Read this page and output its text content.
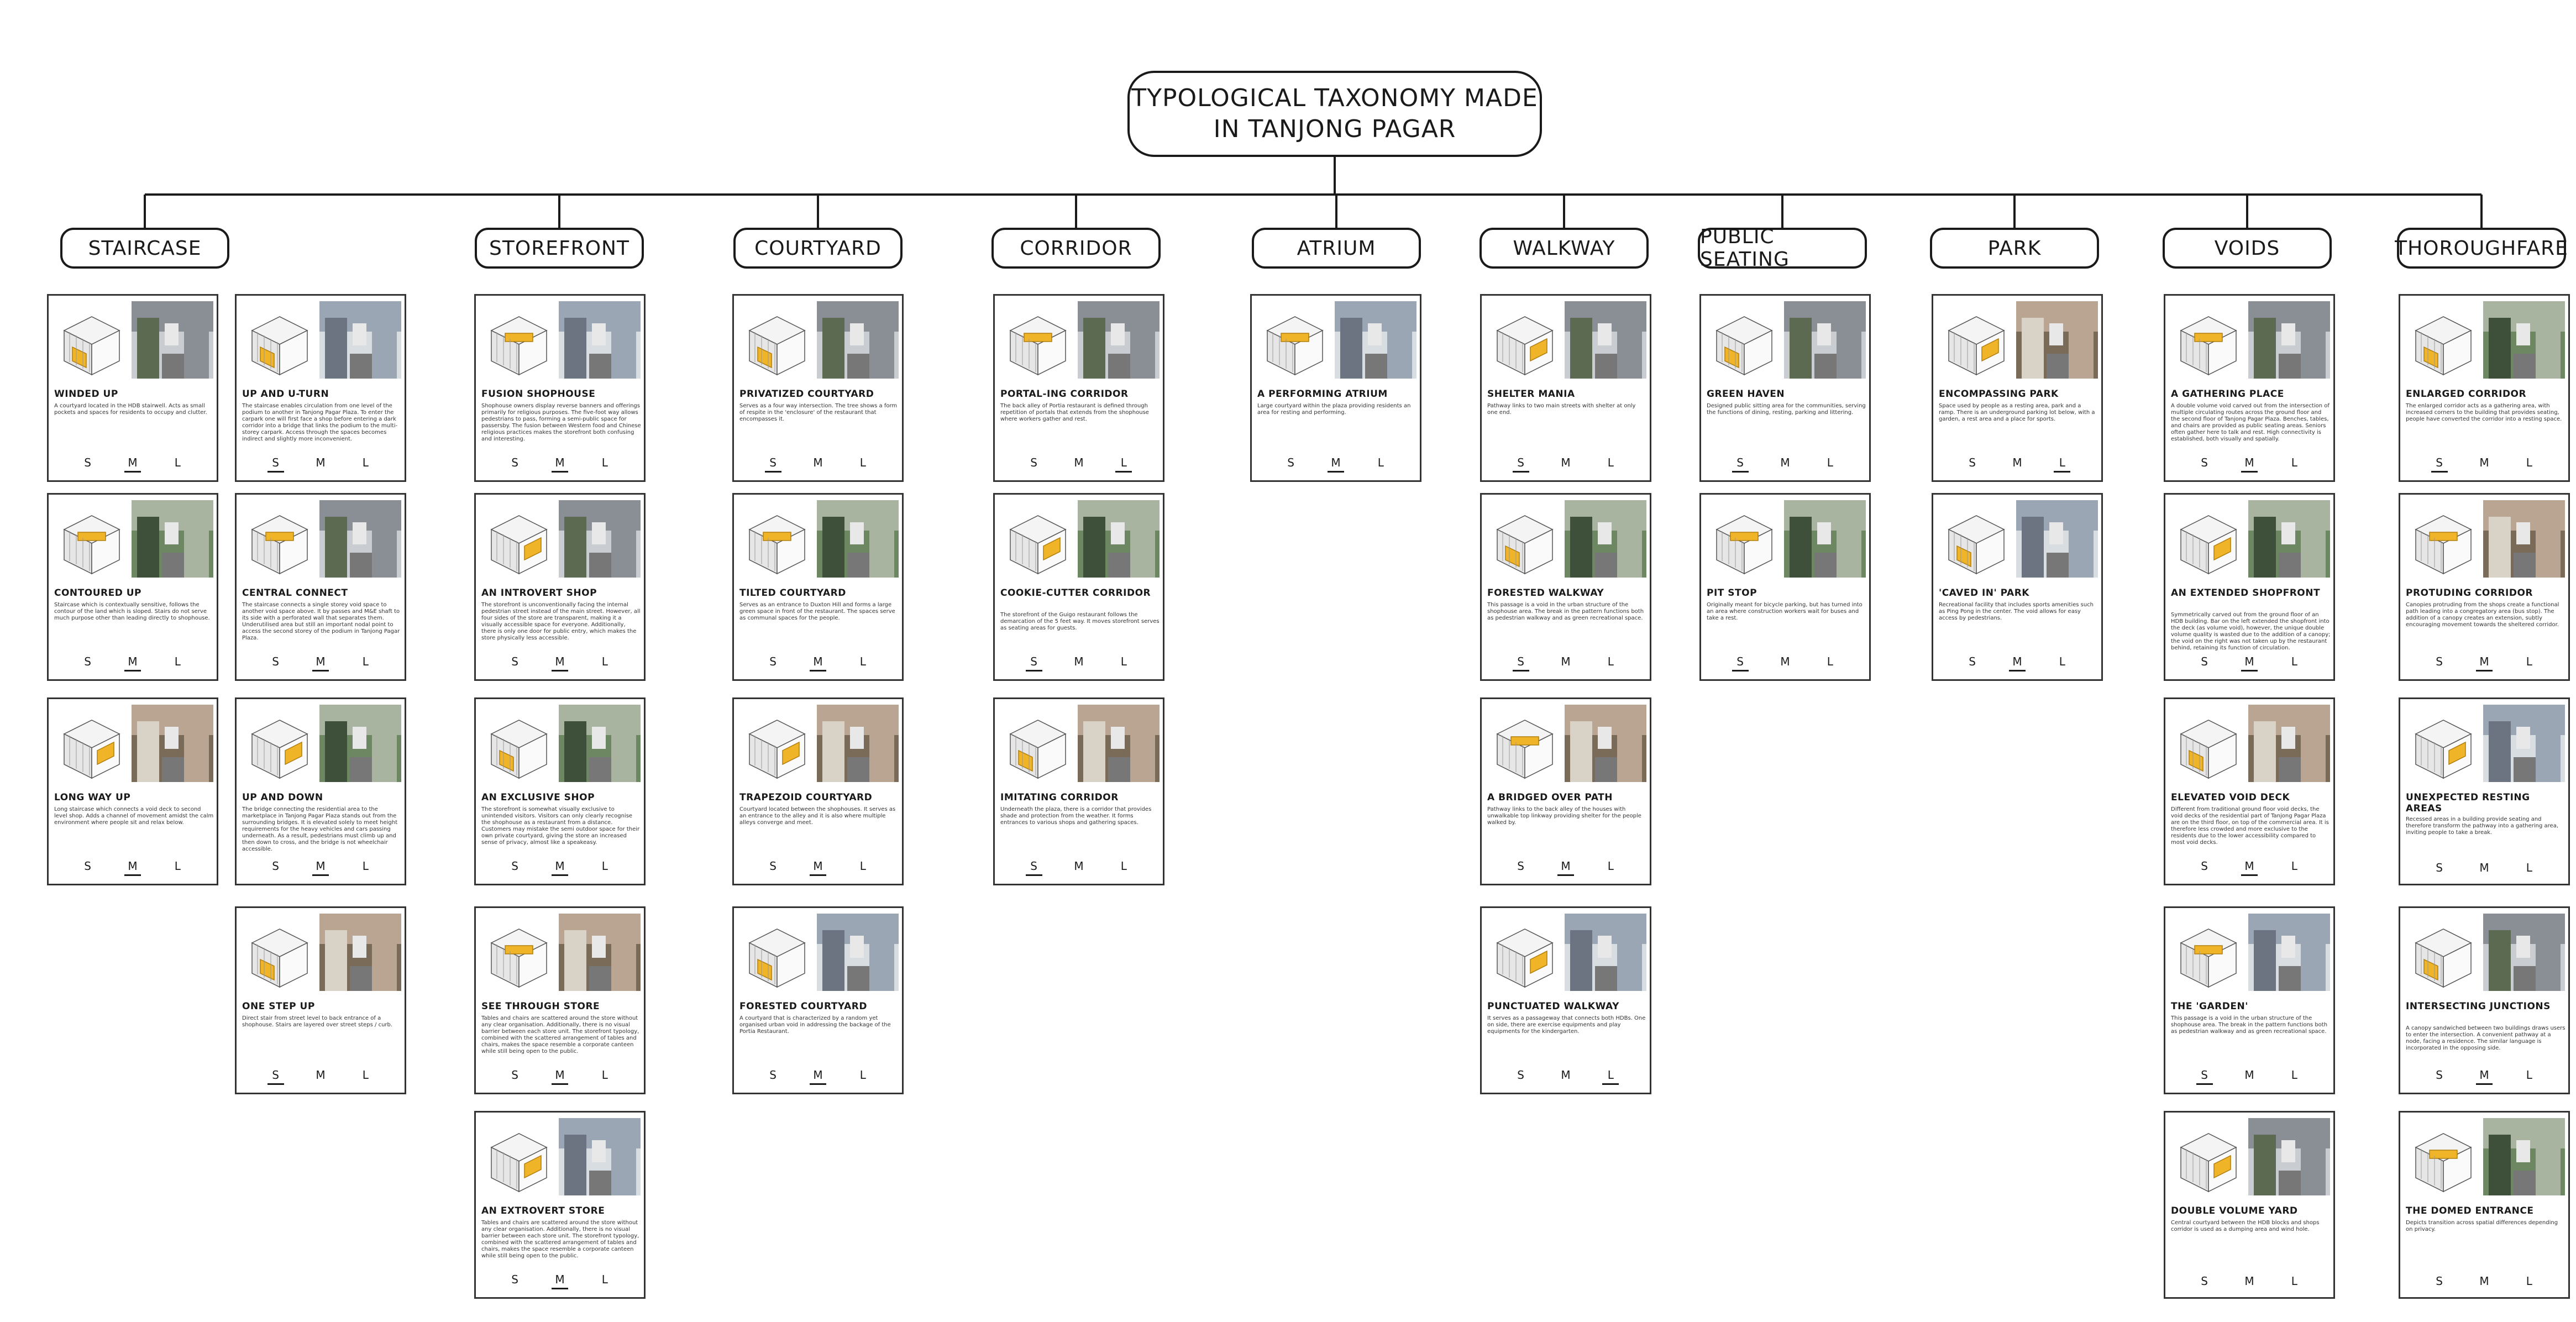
TYPOLOGICAL TAXONOMY MADE
IN TANJONG PAGAR
STAIRCASE
WINDED UP
A courtyard located in the HDB stairwell. Acts as small pockets and spaces for residents to occupy and clutter.
S	M	L
CONTOURED UP
Staircase which is contextually sensitive, follows the contour of the land which is sloped. Stairs do not serve much purpose other than leading directly to shophouse.
S	M	L
LONG WAY UP
Long staircase which connects a void deck to second level shop. Adds a channel of movement amidst the calm environment where people sit and relax below.
S	M	L
UP AND U-TURN
The staircase enables circulation from one level of the podium to another in Tanjong Pagar Plaza. To enter the carpark one will first face a shop before entering a dark corridor into a bridge that links the podium to the multi-storey carpark. Access through the spaces becomes indirect and slightly more inconvenient.
S	M	L
CENTRAL CONNECT
The staircase connects a single storey void space to another void space above. It by passes and M&E shaft to its side with a perforated wall that separates them. Underutilised area but still an important nodal point to access the second storey of the podium in Tanjong Pagar Plaza.
S	M	L
UP AND DOWN
The bridge connecting the residential area to the marketplace in Tanjong Pagar Plaza stands out from the surrounding bridges. It is elevated solely to meet height requirements for the heavy vehicles and cars passing underneath. As a result, pedestrians must climb up and then down to cross, and the bridge is not wheelchair accessible.
S	M	L
ONE STEP UP
Direct stair from street level to back entrance of a shophouse. Stairs are layered over street steps / curb.
S	M	L
STOREFRONT
FUSION SHOPHOUSE
Shophouse owners display reverse banners and offerings primarily for religious purposes. The five-foot way allows pedestrians to pass, forming a semi-public space for passersby. The fusion between Western food and Chinese religious practices makes the storefront both confusing and interesting.
S	M	L
AN INTROVERT SHOP
The storefront is unconventionally facing the internal pedestrian street instead of the main street. However, all four sides of the store are transparent, making it a visually accessible space for everyone. Additionally, there is only one door for public entry, which makes the store physically less accessible.
S	M	L
AN EXCLUSIVE SHOP
The storefront is somewhat visually exclusive to unintended visitors. Visitors can only clearly recognise the shophouse as a restaurant from a distance. Customers may mistake the semi outdoor space for their own private courtyard, giving the store an increased sense of privacy, almost like a speakeasy.
S	M	L
SEE THROUGH STORE
Tables and chairs are scattered around the store without any clear organisation. Additionally, there is no visual barrier between each store unit. The storefront typology, combined with the scattered arrangement of tables and chairs, makes the space resemble a corporate canteen while still being open to the public.
S	M	L
AN EXTROVERT STORE
Tables and chairs are scattered around the store without any clear organisation. Additionally, there is no visual barrier between each store unit. The storefront typology, combined with the scattered arrangement of tables and chairs, makes the space resemble a corporate canteen while still being open to the public.
S	M	L
COURTYARD
PRIVATIZED COURTYARD
Serves as a four way intersection. The tree shows a form of respite in the 'enclosure' of the restaurant that encompasses it.
S	M	L
TILTED COURTYARD
Serves as an entrance to Duxton Hill and forms a large green space in front of the restaurant. The spaces serve as communal spaces for the people.
S	M	L
TRAPEZOID COURTYARD
Courtyard located between the shophouses. It serves as an entrance to the alley and it is also where multiple alleys converge and meet.
S	M	L
FORESTED COURTYARD
A courtyard that is characterized by a random yet organised urban void in addressing the backage of the Portia Restaurant.
S	M	L
CORRIDOR
PORTAL-ING CORRIDOR
The back alley of Portia restaurant is defined through repetition of portals that extends from the shophouse where workers gather and rest.
S	M	L
COOKIE-CUTTER CORRIDOR
The storefront of the Guigo restaurant follows the demarcation of the 5 feet way. It moves storefront serves as seating areas for guests.
S	M	L
IMITATING CORRIDOR
Underneath the plaza, there is a corridor that provides shade and protection from the weather. It forms entrances to various shops and gathering spaces.
S	M	L
ATRIUM
A PERFORMING ATRIUM
Large courtyard within the plaza providing residents an area for resting and performing.
S	M	L
WALKWAY
SHELTER MANIA
Pathway links to two main streets with shelter at only one end.
S	M	L
FORESTED WALKWAY
This passage is a void in the urban structure of the shophouse area. The break in the pattern functions both as pedestrian walkway and as green recreational space.
S	M	L
A BRIDGED OVER PATH
Pathway links to the back alley of the houses with unwalkable top linkway providing shelter for the people walked by.
S	M	L
PUNCTUATED WALKWAY
It serves as a passageway that connects both HDBs. One on side, there are exercise equipments and play equipments for the kindergarten.
S	M	L
PUBLIC SEATING
GREEN HAVEN
Designed public sitting area for the communities, serving the functions of dining, resting, parking and littering.
S	M	L
PIT STOP
Originally meant for bicycle parking, but has turned into an area where construction workers wait for buses and take a rest.
S	M	L
PARK
ENCOMPASSING PARK
Space used by people as a resting area, park and a ramp. There is an underground parking lot below, with a garden, a rest area and a place for sports.
S	M	L
'CAVED IN' PARK
Recreational facility that includes sports amenities such as Ping Pong in the center. The void allows for easy access by pedestrians.
S	M	L
VOIDS
A GATHERING PLACE
A double volume void carved out from the intersection of multiple circulating routes across the ground floor and the second floor of Tanjong Pagar Plaza. Benches, tables, and chairs are provided as public seating areas. Seniors often gather here to talk and rest. High connectivity is established, both visually and spatially.
S	M	L
AN EXTENDED SHOPFRONT
Symmetrically carved out from the ground floor of an HDB building. Bar on the left extended the shopfront into the deck (as volume void), however, the unique double volume quality is wasted due to the addition of a canopy; the void on the right was not taken up by the restaurant behind, retaining its function of circulation.
S	M	L
ELEVATED VOID DECK
Different from traditional ground floor void decks, the void decks of the residential part of Tanjong Pagar Plaza are on the third floor, on top of the commercial area. It is therefore less crowded and more exclusive to the residents due to the lower accessibility compared to most void decks.
S	M	L
THE 'GARDEN'
This passage is a void in the urban structure of the shophouse area. The break in the pattern functions both as pedestrian walkway and as green recreational space.
S	M	L
DOUBLE VOLUME YARD
Central courtyard between the HDB blocks and shops corridor is used as a dumping area and wind hole.
S	M	L
THOROUGHFARE
ENLARGED CORRIDOR
The enlarged corridor acts as a gathering area, with increased corners to the building that provides seating, people have converted the corridor into a resting space.
S	M	L
PROTUDING CORRIDOR
Canopies protruding from the shops create a functional path leading into a congregatory area (bus stop). The addition of a canopy creates an extension, subtly encouraging movement towards the sheltered corridor.
S	M	L
UNEXPECTED RESTING AREAS
Recessed areas in a building provide seating and therefore transform the pathway into a gathering area, inviting people to take a break.
S	M	L
INTERSECTING JUNCTIONS
A canopy sandwiched between two buildings draws users to enter the intersection. A convenient pathway at a node, facing a residence. The similar language is incorporated in the opposing side.
S	M	L
THE DOMED ENTRANCE
Depicts transition across spatial differences depending on privacy.
S	M	L
